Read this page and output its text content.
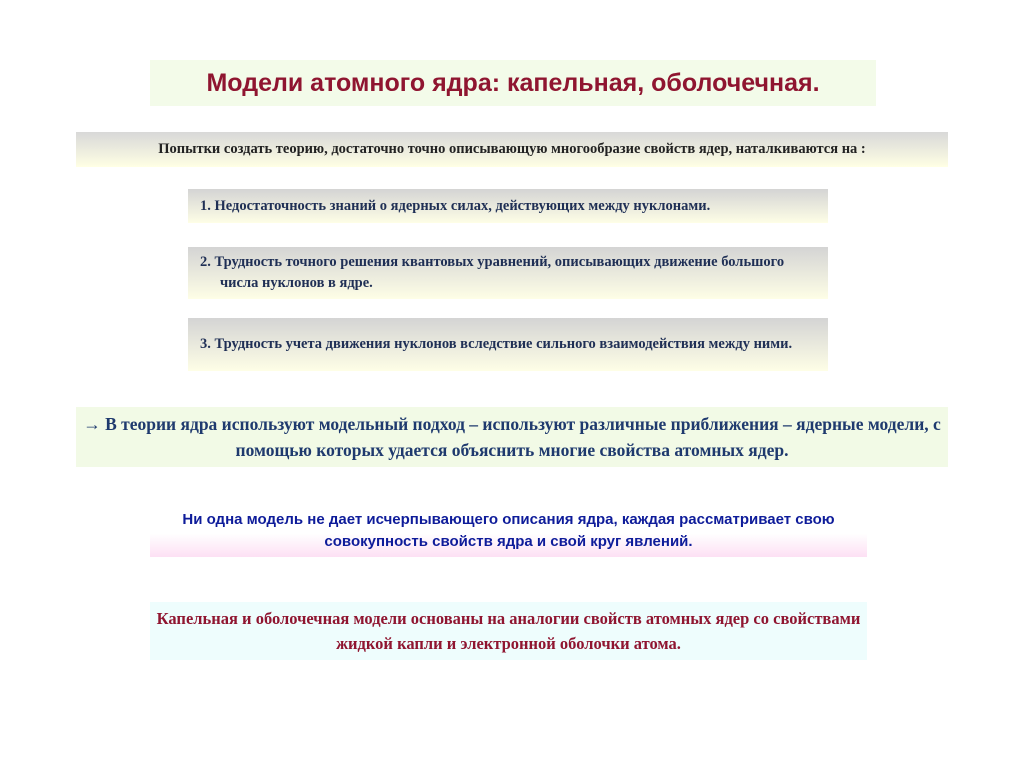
Модели атомного ядра: капельная, оболочечная.
Попытки создать теорию, достаточно точно описывающую многообразие свойств ядер, наталкиваются на :
1. Недостаточность знаний о ядерных силах, действующих между нуклонами.
2. Трудность точного решения квантовых уравнений, описывающих движение большого числа нуклонов в ядре.
3. Трудность учета движения нуклонов вследствие сильного взаимодействия между ними.
→ В теории ядра используют модельный подход – используют различные приближения – ядерные модели, с помощью которых удается объяснить многие свойства атомных ядер.
Ни одна модель не дает исчерпывающего описания ядра, каждая рассматривает свою совокупность свойств ядра и свой круг явлений.
Капельная и оболочечная модели основаны на аналогии свойств атомных ядер со свойствами жидкой капли и электронной оболочки атома.
